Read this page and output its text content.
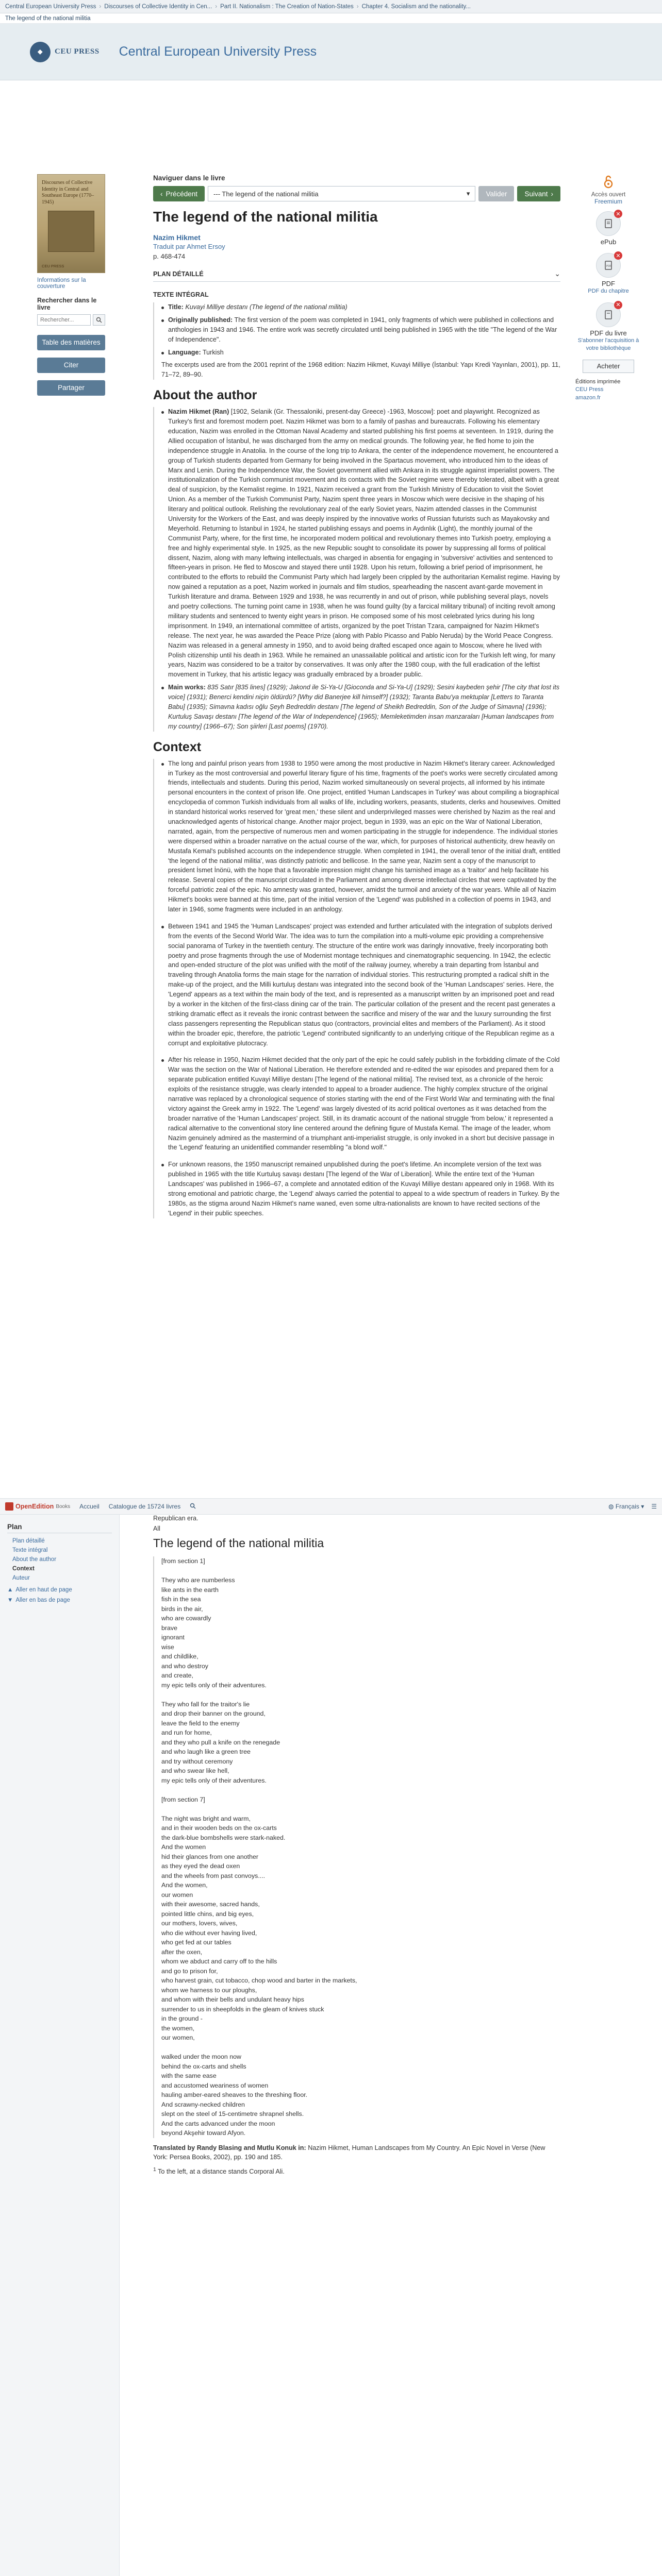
Central European University Press › Discourses of Collective Identity in Cen... › Part II. Nationalism : The Creation of Nation-States › Chapter 4. Socialism and the nationality...
The legend of the national militia
◆	CEU PRESS Central European University Press
Discourses of Collective Identity in Central and Southeast Europe (1770–1945)
CEU PRESS
Informations sur la couverture
Rechercher dans le livre
Rechercher...
Table des matières
Citer
Partager
Naviguer dans le livre
‹ Précédent --- The legend of the national militia	▾	Valider	Suivant ›
The legend of the national militia
Nazim Hikmet
Traduit par Ahmet Ersoy
p. 468-474
PLAN DÉTAILLÉ	⌄
TEXTE INTÉGRAL
Title: Kuvayi Milliye destanı (The legend of the national militia)
Originally published: The first version of the poem was completed in 1941, only fragments of which were published in collections and anthologies in 1943 and 1946. The entire work was secretly circulated until being published in 1965 with the title "The legend of the War of Independence".
Language: Turkish

The excerpts used are from the 2001 reprint of the 1968 edition: Nazim Hikmet, Kuvayi Milliye (İstanbul: Yapı Kredi Yayınları, 2001), pp. 11, 71–72, 89–90.

About the author
Nazim Hikmet (Ran) [1902, Selanik (Gr. Thessaloniki, present-day Greece) -1963, Moscow]: poet and playwright. Recognized as Turkey's first and foremost modern poet. Nazim Hikmet was born to a family of pashas and bureaucrats. Following his elementary education, Nazim was enrolled in the Ottoman Naval Academy and started publishing his first poems at seventeen. In 1919, during the Allied occupation of İstanbul, he was discharged from the army on medical grounds. The following year, he fled home to join the independence struggle in Anatolia. In the course of the long trip to Ankara, the center of the independence movement, he encountered a group of Turkish students departed from Germany for being involved in the Spartacus movement, who introduced him to the ideas of Marx and Lenin. During the Independence War, the Soviet government allied with Ankara in its struggle against imperialist powers. The institutionalization of the Turkish communist movement and its contacts with the Soviet regime were thereby tolerated, albeit with a great deal of suspicion, by the Kemalist regime. In 1921, Nazim received a grant from the Turkish Ministry of Education to visit the Soviet Union. As a member of the Turkish Communist Party, Nazim spent three years in Moscow which were decisive in the shaping of his literary and political outlook. Relishing the revolutionary zeal of the early Soviet years, Nazim attended classes in the Communist University for the Workers of the East, and was deeply inspired by the innovative works of Russian futurists such as Mayakovsky and Meyerhold. Returning to İstanbul in 1924, he started publishing essays and poems in Aydınlık (Light), the monthly journal of the Communist Party, where, for the first time, he incorporated modern political and revolutionary themes into Turkish poetry, employing a free and highly experimental style. In 1925, as the new Republic sought to consolidate its power by suppressing all forms of political dissent, Nazim, along with many leftwing intellectuals, was charged in absentia for engaging in 'subversive' activities and sentenced to fifteen-years in prison. He fled to Moscow and stayed there until 1928. Upon his return, following a brief period of imprisonment, he contributed to the efforts to rebuild the Communist Party which had largely been crippled by the authoritarian Kemalist regime. Having by now gained a reputation as a poet, Nazim worked in journals and film studios, spearheading the nascent avant-garde movement in Turkish literature and drama. Between 1929 and 1938, he was recurrently in and out of prison, while publishing several plays, novels and poetry collections. The turning point came in 1938, when he was found guilty (by a farcical military tribunal) of inciting revolt among military students and sentenced to twenty eight years in prison. He composed some of his most celebrated lyrics during his long imprisonment. In 1949, an international committee of artists, organized by the poet Tristan Tzara, campaigned for Nazim Hikmet's release. The next year, he was awarded the Peace Prize (along with Pablo Picasso and Pablo Neruda) by the World Peace Congress. Nazim was released in a general amnesty in 1950, and to avoid being drafted escaped once again to Moscow, where he lived with Polish citizenship until his death in 1963. While he remained an unassailable political and artistic icon for the Turkish left wing, for many years, Nazim was considered to be a traitor by conservatives. It was only after the 1980 coup, with the full eradication of the leftist movement in Turkey, that his artistic legacy was gradually embraced by a broader public.
Main works: 835 Satır [835 lines] (1929); Jakond ile Si-Ya-U [Gioconda and Si-Ya-U] (1929); Sesini kaybeden şehir [The city that lost its voice] (1931); Benerci kendini niçin öldürdü? [Why did Banerjee kill himself?] (1932); Taranta Babu'ya mektuplar [Letters to Taranta Babu] (1935); Simavna kadısı oğlu Şeyh Bedreddin destanı [The legend of Sheikh Bedreddin, Son of the Judge of Simavna] (1936); Kurtuluş Savaşı destanı [The legend of the War of Independence] (1965); Memleketimden insan manzaraları [Human landscapes from my country] (1966–67); Son şiirleri [Last poems] (1970).
Context

The long and painful prison years from 1938 to 1950 were among the most productive in Nazim Hikmet's literary career. Acknowledged in Turkey as the most controversial and powerful literary figure of his time, fragments of the poet's works were secretly circulated among friends, intellectuals and students. During this period, Nazim worked simultaneously on several projects, all informed by his intimate personal encounters in the context of prison life. One project, entitled 'Human Landscapes in Turkey' was about compiling a biographical encyclopedia of common Turkish individuals from all walks of life, including workers, peasants, students, clerks and housewives. Omitted in standard historical works reserved for 'great men,' these silent and underprivileged masses were cherished by Nazim as the real and unacknowledged agents of historical change. Another major project, begun in 1939, was an epic on the War of National Liberation, narrated, again, from the perspective of numerous men and women participating in the struggle for independence. The individual stories were dispersed within a broader narrative on the actual course of the war, which, for purposes of historical authenticity, drew heavily on Mustafa Kemal's published accounts on the independence struggle. When completed in 1941, the overall tenor of the initial draft, entitled 'the legend of the national militia', was distinctly patriotic and bellicose. In the same year, Nazim sent a copy of the manuscript to president İsmet İnönü, with the hope that a favorable impression might change his tarnished image as a 'traitor' and help facilitate his release. Several copies of the manuscript circulated in the Parliament and among diverse intellectual circles that were captivated by the forceful patriotic zeal of the epic. No amnesty was granted, however, amidst the turmoil and anxiety of the war years. While all of Nazim Hikmet's books were banned at this time, part of the initial version of the 'Legend' was published in a collection of poems in 1943, and later in 1946, some fragments were included in an anthology.

Between 1941 and 1945 the 'Human Landscapes' project was extended and further articulated with the integration of subplots derived from the events of the Second World War. The idea was to turn the compilation into a multi-volume epic providing a comprehensive social panorama of Turkey in the twentieth century. The structure of the entire work was daringly innovative, freely incorporating both poetry and prose fragments through the use of Modernist montage techniques and cinematographic sequencing. In 1942, the eclectic and open-ended structure of the plot was unified with the motif of the railway journey, whereby a train departing from İstanbul and traveling through Anatolia forms the main stage for the narration of individual stories. This restructuring prompted a radical shift in the make-up of the project, and the Milli kurtuluş destanı was integrated into the second book of the 'Human Landscapes' series. Here, the 'Legend' appears as a text within the main body of the text, and is represented as a manuscript written by an imprisoned poet and read by a worker in the kitchen of the first-class dining car of the train. The particular collation of the present and the recent past generates a striking dramatic effect as it reveals the ironic contrast between the sacrifice and misery of the war and the luxury surrounding the first class passengers representing the Republican status quo (contractors, provincial elites and members of the Parliament). As it stood within the broader epic, therefore, the patriotic 'Legend' contributed significantly to an underlying critique of the Republican regime as a corrupt and exploitative plutocracy.

After his release in 1950, Nazim Hikmet decided that the only part of the epic he could safely publish in the forbidding climate of the Cold War was the section on the War of National Liberation. He therefore extended and re-edited the war episodes and prepared them for a separate publication entitled Kuvayi Milliye destanı [The legend of the national militia]. The revised text, as a chronicle of the heroic exploits of the resistance struggle, was clearly intended to appeal to a broader audience. The highly complex structure of the original narrative was replaced by a chronological sequence of stories starting with the end of the First World War and terminating with the final victory against the Greek army in 1922. The 'Legend' was largely divested of its acrid political overtones as it was detached from the broader narrative of the 'Human Landscapes' project. Still, in its dramatic account of the national struggle 'from below,' it represented a radical alternative to the conventional story line centered around the defining figure of Mustafa Kemal. The image of the leader, whom Nazim genuinely admired as the mastermind of a triumphant anti-imperialist struggle, is only invoked in a short but decisive passage in the 'Legend' featuring an unidentified commander resembling "a blond wolf."

For unknown reasons, the 1950 manuscript remained unpublished during the poet's lifetime. An incomplete version of the text was published in 1965 with the title Kurtuluş savaşı destanı [The legend of the War of Liberation]. While the entire text of the 'Human Landscapes' was published in 1966–67, a complete and annotated edition of the Kuvayi Milliye destanı appeared only in 1968. With its strong emotional and patriotic charge, the 'Legend' always carried the potential to appeal to a wide spectrum of readers in Turkey. By the 1980s, as the stigma around Nazim Hikmet's name waned, even some ultra-nationalists are known to have recited sections of the 'Legend' in their public speeches.

Accès ouvert
Freemium
✕
ePub
PDF
✕
PDF
PDF du chapitre
✕
PDF du livre
S'abonner l'acquisition à votre bibliothèque
Acheter
Éditions imprimée
CEU Press
amazon.fr
OpenEdition Books Accueil Catalogue de 15724 livres	◍ Français ▾ ☰
Plan
Plan détaillé
Texte intégral
About the author
Context
Auteur
▲ Aller en haut de page
▼ Aller en bas de page
Republican era.
All
The legend of the national militia
[from section 1]
They who are numberless
like ants in the earth
fish in the sea
birds in the air,
who are cowardly
brave
ignorant
wise
and childlike,
and who destroy
and create,
my epic tells only of their adventures.
They who fall for the traitor's lie
and drop their banner on the ground,
leave the field to the enemy
and run for home,
and they who pull a knife on the renegade
and who laugh like a green tree
and try without ceremony
and who swear like hell,
my epic tells only of their adventures.
[from section 7]
The night was bright and warm,
and in their wooden beds on the ox-carts
the dark-blue bombshells were stark-naked.
And the women
hid their glances from one another
as they eyed the dead oxen
and the wheels from past convoys....
And the women,
our women
with their awesome, sacred hands,
pointed little chins, and big eyes,
our mothers, lovers, wives,
who die without ever having lived,
who get fed at our tables
after the oxen,
whom we abduct and carry off to the hills
and go to prison for,
who harvest grain, cut tobacco, chop wood and barter in the markets,
whom we harness to our ploughs,
and whom with their bells and undulant heavy hips
surrender to us in sheepfolds in the gleam of knives stuck
in the ground -
the women,
our women,
walked under the moon now
behind the ox-carts and shells
with the same ease
and accustomed weariness of women
hauling amber-eared sheaves to the threshing floor.
And scrawny-necked children
slept on the steel of 15-centimetre shrapnel shells.
And the carts advanced under the moon
beyond Akşehir toward Afyon.
Translated by Randy Blasing and Mutlu Konuk in: Nazim Hikmet, Human Landscapes from My Country. An Epic Novel in Verse (New York: Persea Books, 2002), pp. 190 and 185.
$^1$ To the left, at a distance stands Corporal Ali.
